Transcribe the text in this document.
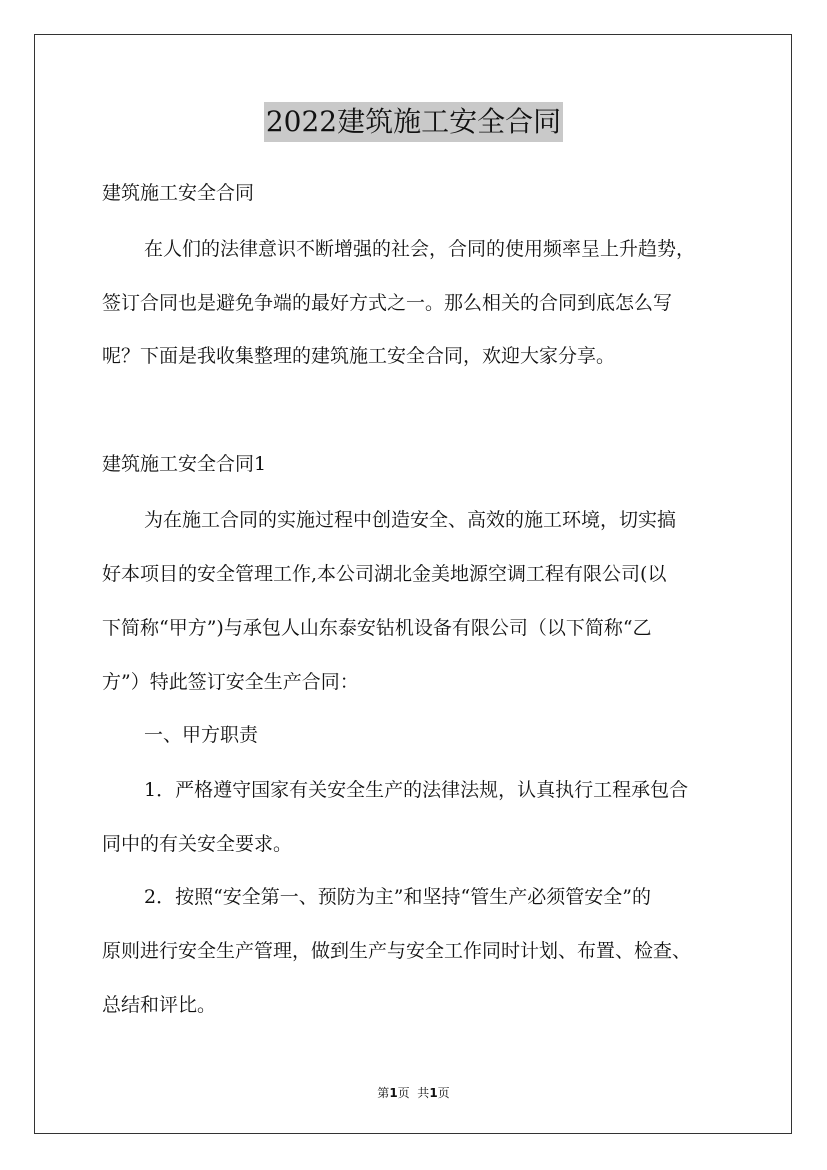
2022建筑施工安全合同
建筑施工安全合同
在人们的法律意识不断增强的社会，合同的使用频率呈上升趋势，
签订合同也是避免争端的最好方式之一。那么相关的合同到底怎么写
呢？下面是我收集整理的建筑施工安全合同，欢迎大家分享。
建筑施工安全合同1
为在施工合同的实施过程中创造安全、高效的施工环境，切实搞
好本项目的安全管理工作,本公司湖北金美地源空调工程有限公司(以
下简称“甲方”)与承包人山东泰安钻机设备有限公司（以下简称“乙
方”）特此签订安全生产合同：
一、甲方职责
1．严格遵守国家有关安全生产的法律法规，认真执行工程承包合
同中的有关安全要求。
2．按照“安全第一、预防为主”和坚持“管生产必须管安全”的
原则进行安全生产管理，做到生产与安全工作同时计划、布置、检查、
总结和评比。
第1页  共1页
